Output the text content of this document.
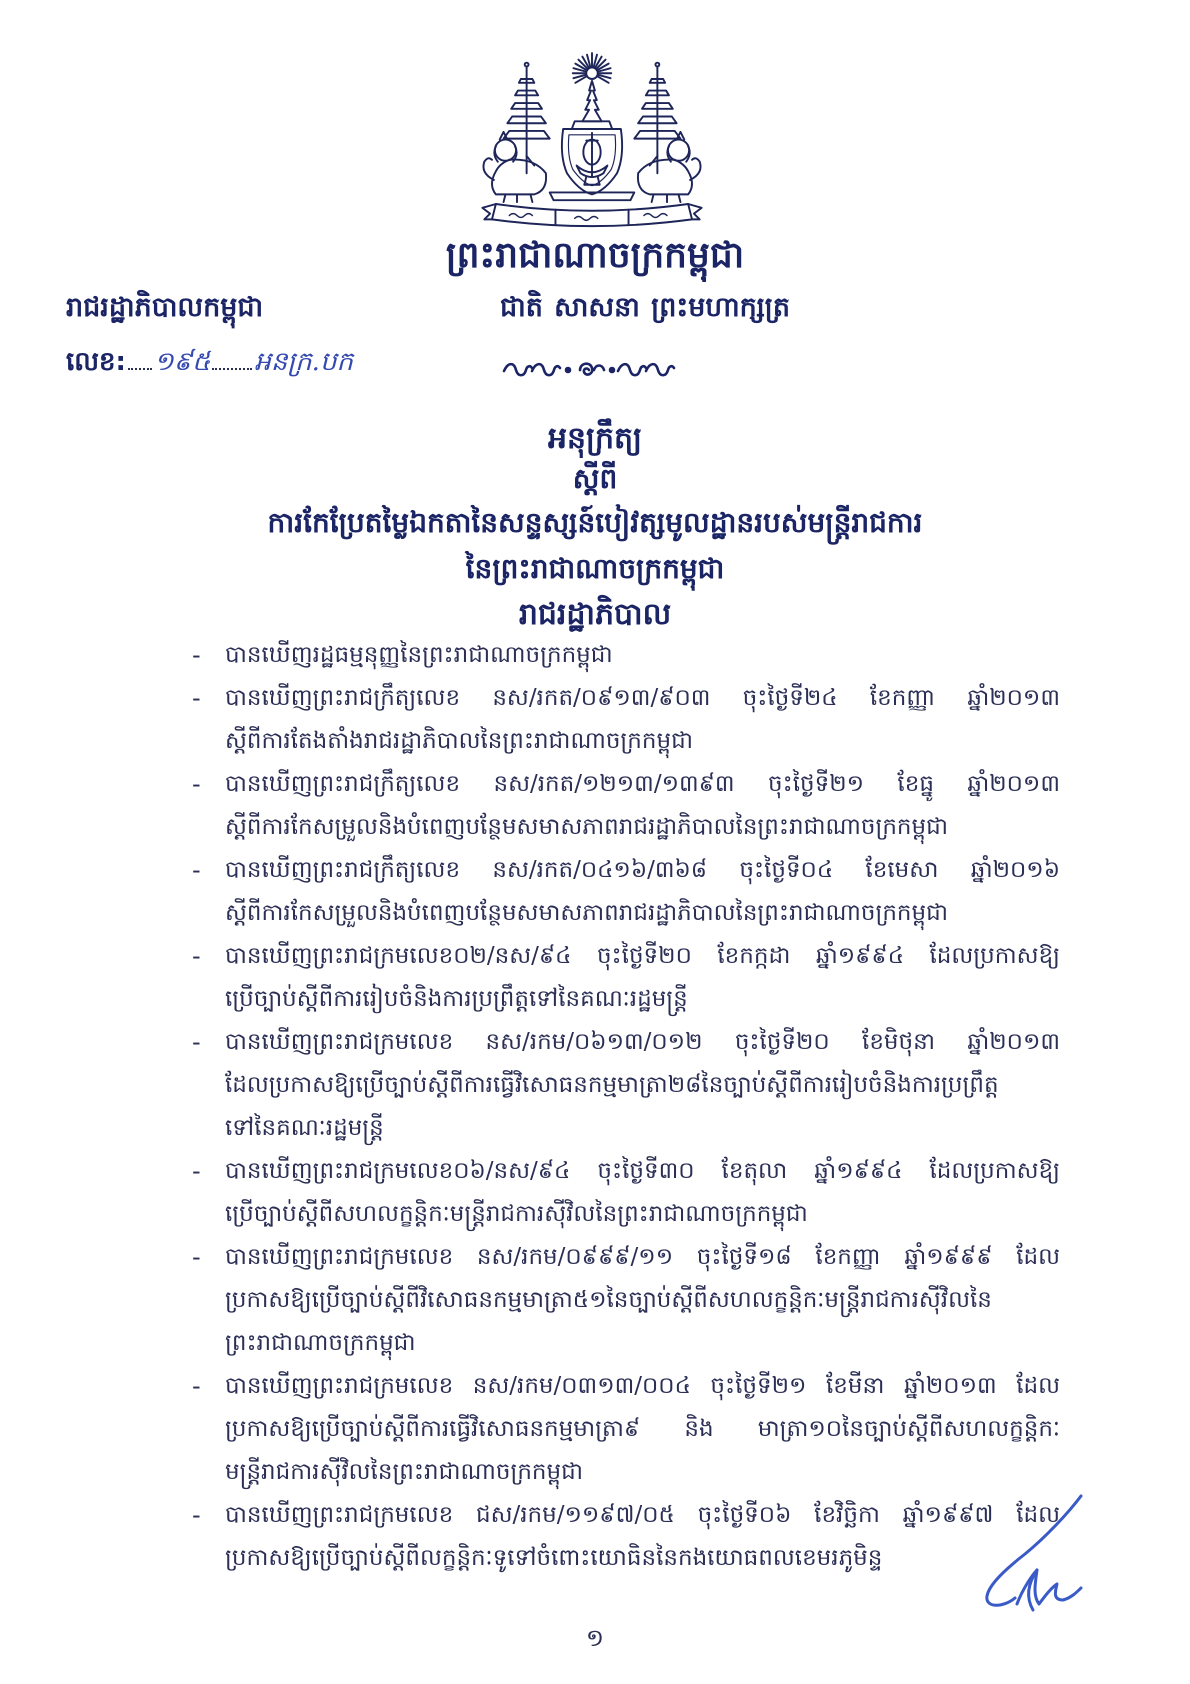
ព្រះរាជាណាចក្រកម្ពុជា
រាជរដ្ឋាភិបាលកម្ពុជា	ជាតិ សាសនា ព្រះមហាក្សត្រ
លេខ: ១៩៥ អនក្រ.បក
អនុក្រឹត្យ
ស្តីពី
ការកែប្រែតម្លៃឯកតានៃសន្ទស្សន៍បៀវត្សមូលដ្ឋានរបស់មន្ត្រីរាជការ
នៃព្រះរាជាណាចក្រកម្ពុជា
រាជរដ្ឋាភិបាល
- បានឃើញរដ្ឋធម្មនុញ្ញនៃព្រះរាជាណាចក្រកម្ពុជា
- បានឃើញព្រះរាជក្រឹត្យលេខ នស/រកត/០៩១៣/៩០៣ ចុះថ្ងៃទី២៤ ខែកញ្ញា ឆ្នាំ២០១៣
ស្តីពីការតែងតាំងរាជរដ្ឋាភិបាលនៃព្រះរាជាណាចក្រកម្ពុជា
- បានឃើញព្រះរាជក្រឹត្យលេខ នស/រកត/១២១៣/១៣៩៣ ចុះថ្ងៃទី២១ ខែធ្នូ ឆ្នាំ២០១៣
ស្តីពីការកែសម្រួលនិងបំពេញបន្ថែមសមាសភាពរាជរដ្ឋាភិបាលនៃព្រះរាជាណាចក្រកម្ពុជា
- បានឃើញព្រះរាជក្រឹត្យលេខ នស/រកត/០៤១៦/៣៦៨ ចុះថ្ងៃទី០៤ ខែមេសា ឆ្នាំ២០១៦
ស្តីពីការកែសម្រួលនិងបំពេញបន្ថែមសមាសភាពរាជរដ្ឋាភិបាលនៃព្រះរាជាណាចក្រកម្ពុជា
- បានឃើញព្រះរាជក្រមលេខ០២/នស/៩៤ ចុះថ្ងៃទី២០ ខែកក្កដា ឆ្នាំ១៩៩៤ ដែលប្រកាសឱ្យ
ប្រើច្បាប់ស្តីពីការរៀបចំនិងការប្រព្រឹត្តទៅនៃគណៈរដ្ឋមន្ត្រី
- បានឃើញព្រះរាជក្រមលេខ នស/រកម/០៦១៣/០១២ ចុះថ្ងៃទី២០ ខែមិថុនា ឆ្នាំ២០១៣
ដែលប្រកាសឱ្យប្រើច្បាប់ស្តីពីការធ្វើវិសោធនកម្មមាត្រា២៨នៃច្បាប់ស្តីពីការរៀបចំនិងការប្រព្រឹត្ត
ទៅនៃគណៈរដ្ឋមន្ត្រី
- បានឃើញព្រះរាជក្រមលេខ០៦/នស/៩៤ ចុះថ្ងៃទី៣០ ខែតុលា ឆ្នាំ១៩៩៤ ដែលប្រកាសឱ្យ
ប្រើច្បាប់ស្តីពីសហលក្ខន្តិកៈមន្ត្រីរាជការស៊ីវិលនៃព្រះរាជាណាចក្រកម្ពុជា
- បានឃើញព្រះរាជក្រមលេខ នស/រកម/០៩៩៩/១១ ចុះថ្ងៃទី១៨ ខែកញ្ញា ឆ្នាំ១៩៩៩ ដែល
ប្រកាសឱ្យប្រើច្បាប់ស្តីពីវិសោធនកម្មមាត្រា៥១នៃច្បាប់ស្តីពីសហលក្ខន្តិកៈមន្ត្រីរាជការស៊ីវិលនៃ
ព្រះរាជាណាចក្រកម្ពុជា
- បានឃើញព្រះរាជក្រមលេខ នស/រកម/០៣១៣/០០៤ ចុះថ្ងៃទី២១ ខែមីនា ឆ្នាំ២០១៣ ដែល
ប្រកាសឱ្យប្រើច្បាប់ស្តីពីការធ្វើវិសោធនកម្មមាត្រា៩ និង មាត្រា១០នៃច្បាប់ស្តីពីសហលក្ខន្តិកៈ
មន្ត្រីរាជការស៊ីវិលនៃព្រះរាជាណាចក្រកម្ពុជា
- បានឃើញព្រះរាជក្រមលេខ ជស/រកម/១១៩៧/០៥ ចុះថ្ងៃទី០៦ ខែវិច្ឆិកា ឆ្នាំ១៩៩៧ ដែល
ប្រកាសឱ្យប្រើច្បាប់ស្តីពីលក្ខន្តិកៈទូទៅចំពោះយោធិននៃកងយោធពលខេមរភូមិន្ទ
១
